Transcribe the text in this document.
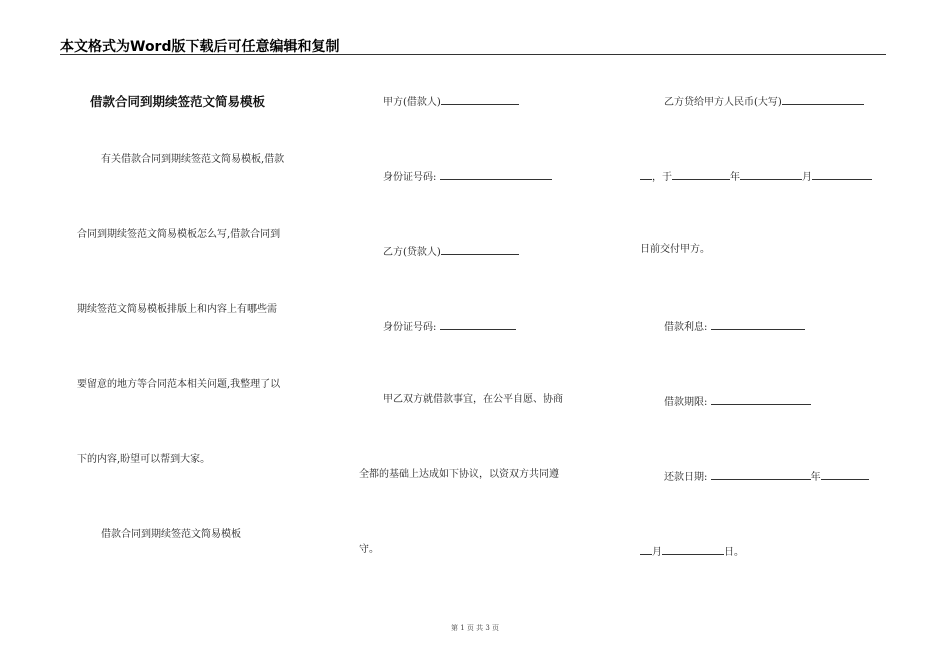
本文格式为Word版下载后可任意编辑和复制
借款合同到期续签范文简易模板
有关借款合同到期续签范文简易模板,借款
合同到期续签范文简易模板怎么写,借款合同到
期续签范文简易模板排版上和内容上有哪些需
要留意的地方等合同范本相关问题,我整理了以
下的内容,盼望可以帮到大家。
借款合同到期续签范文简易模板
甲方(借款人)
身份证号码:
乙方(贷款人)
身份证号码:
甲乙双方就借款事宜，在公平自愿、协商
全都的基础上达成如下协议，以资双方共同遵
守。
乙方贷给甲方人民币(大写)
，于	年	月
日前交付甲方。
借款利息:
借款期限:
还款日期:	年
月	日。
第 1 页 共 3 页
